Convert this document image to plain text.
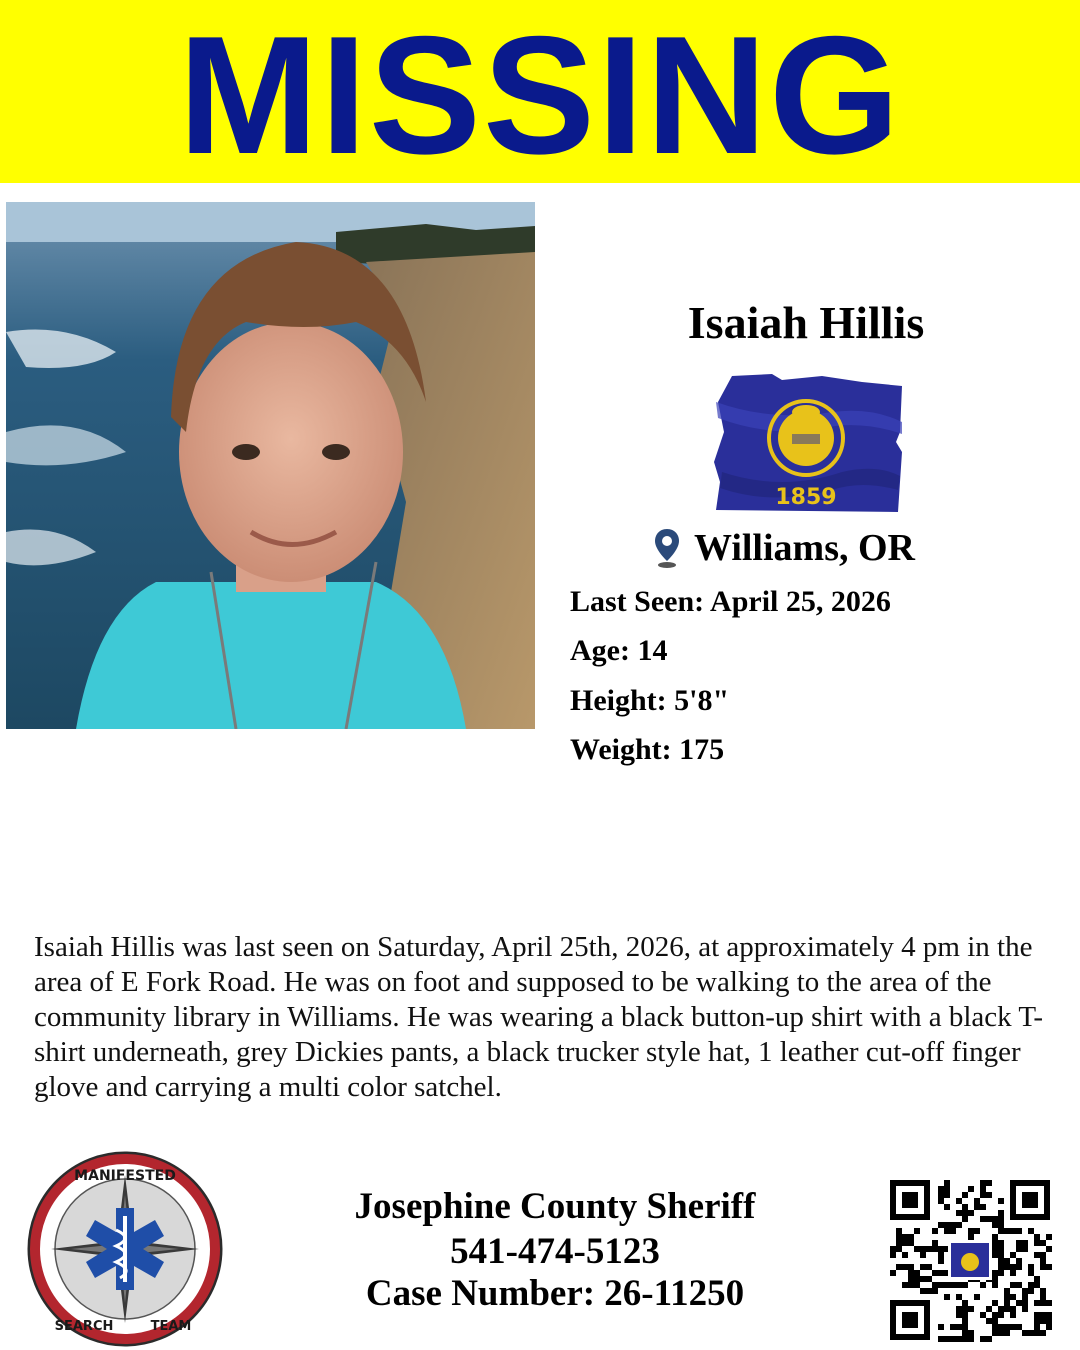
MISSING
Isaiah Hillis
1859
Williams, OR
Last Seen: April 25, 2026
Age: 14
Height: 5'8"
Weight: 175

Isaiah Hillis was last seen on Saturday, April 25th, 2026, at approximately 4 pm in the area of E Fork Road. He was on foot and supposed to be walking to the area of the community library in Williams. He was wearing a black button-up shirt with a black T-shirt underneath, grey Dickies pants, a black trucker style hat, 1 leather cut-off finger glove and carrying a multi color satchel.

MANIFESTED
SEARCH	TEAM
Josephine County Sheriff
541-474-5123
Case Number: 26-11250
